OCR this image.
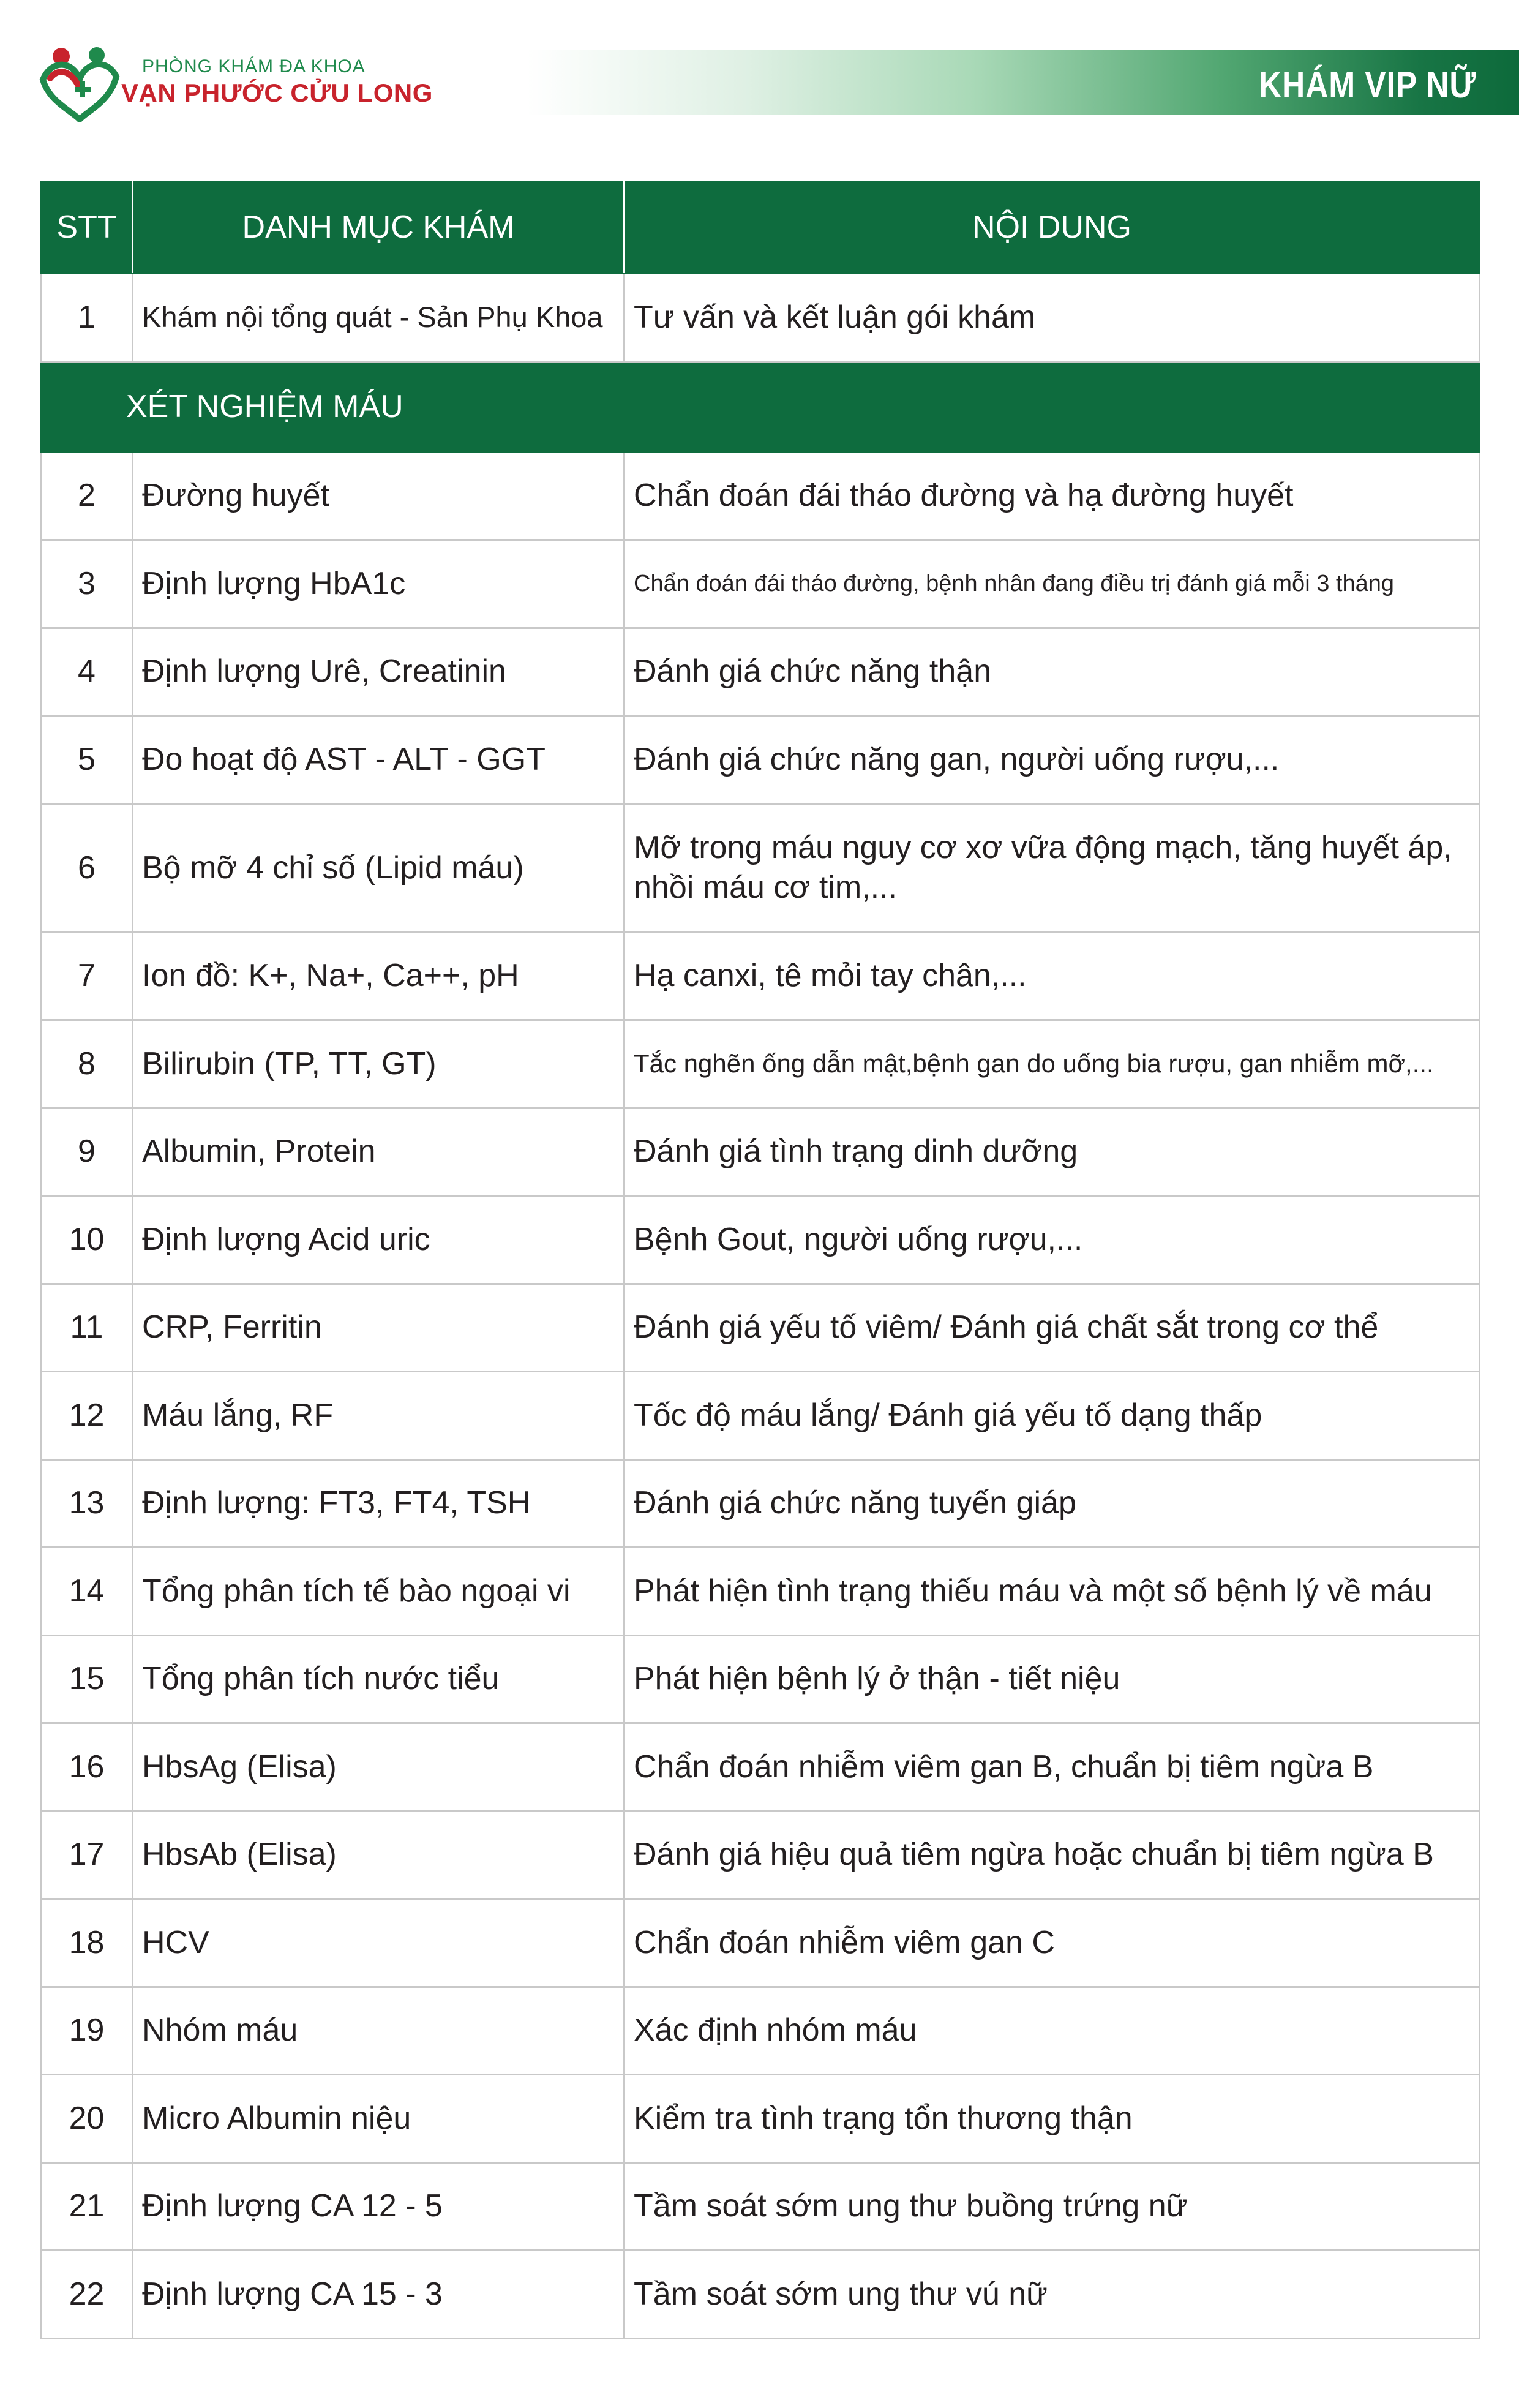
PHÒNG KHÁM ĐA KHOA
VẠN PHƯỚC CỬU LONG	KHÁM VIP NỮ
STT	DANH MỤC KHÁM	NỘI DUNG
1	Khám nội tổng quát - Sản Phụ Khoa	Tư vấn và kết luận gói khám
XÉT NGHIỆM MÁU		
2	Đường huyết	Chẩn đoán đái tháo đường và hạ đường huyết
3	Định lượng HbA1c	Chẩn đoán đái tháo đường, bệnh nhân đang điều trị đánh giá mỗi 3 tháng
4	Định lượng Urê, Creatinin	Đánh giá chức năng thận
5	Đo hoạt độ AST - ALT - GGT	Đánh giá chức năng gan, người uống rượu,...
6	Bộ mỡ 4 chỉ số (Lipid máu)	Mỡ trong máu nguy cơ xơ vữa động mạch, tăng huyết áp, nhồi máu cơ tim,...
7	Ion đồ: K+, Na+, Ca++, pH	Hạ canxi, tê mỏi tay chân,...
8	Bilirubin (TP, TT, GT)	Tắc nghẽn ống dẫn mật,bệnh gan do uống bia rượu, gan nhiễm mỡ,...
9	Albumin, Protein	Đánh giá tình trạng dinh dưỡng
10	Định lượng Acid uric	Bệnh Gout, người uống rượu,...
11	CRP, Ferritin	Đánh giá yếu tố viêm/ Đánh giá chất sắt trong cơ thể
12	Máu lắng, RF	Tốc độ máu lắng/ Đánh giá yếu tố dạng thấp
13	Định lượng: FT3, FT4, TSH	Đánh giá chức năng tuyến giáp
14	Tổng phân tích tế bào ngoại vi	Phát hiện tình trạng thiếu máu và một số bệnh lý về máu
15	Tổng phân tích nước tiểu	Phát hiện bệnh lý ở thận - tiết niệu
16	HbsAg (Elisa)	Chẩn đoán nhiễm viêm gan B, chuẩn bị tiêm ngừa B
17	HbsAb (Elisa)	Đánh giá hiệu quả tiêm ngừa hoặc chuẩn bị tiêm ngừa B
18	HCV	Chẩn đoán nhiễm viêm gan C
19	Nhóm máu	Xác định nhóm máu
20	Micro Albumin niệu	Kiểm tra tình trạng tổn thương thận
21	Định lượng CA 12 - 5	Tầm soát sớm ung thư buồng trứng nữ
22	Định lượng CA 15 - 3	Tầm soát sớm ung thư vú nữ
